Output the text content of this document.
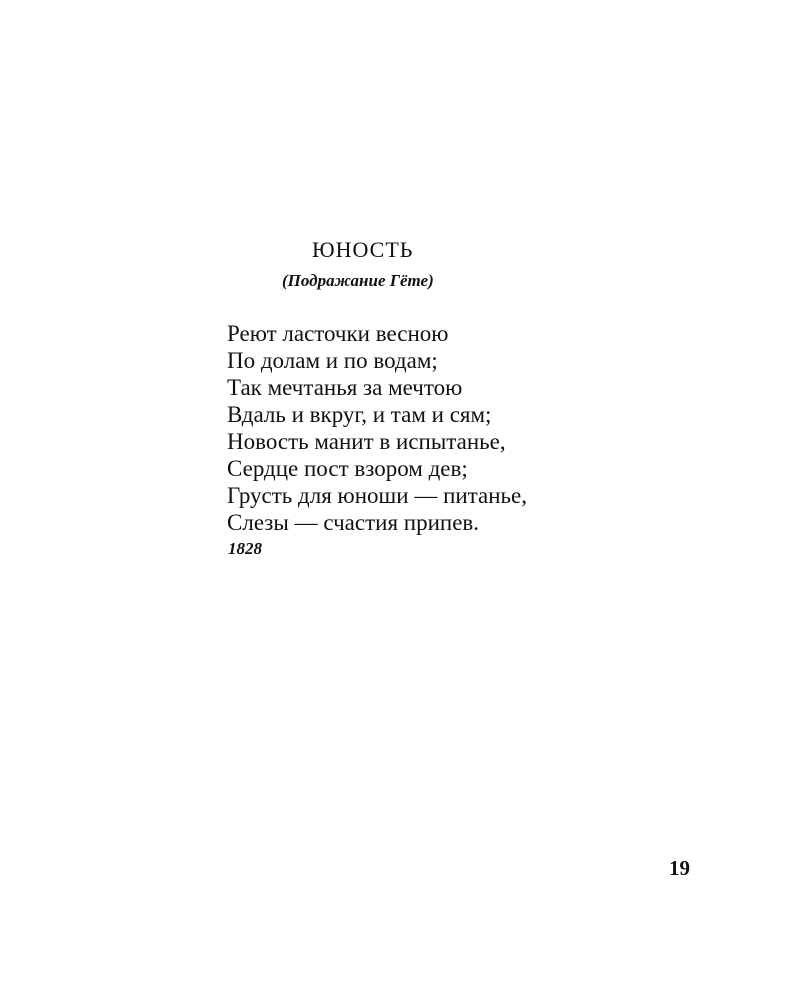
ЮНОСТЬ
(Подражание Гёте)
Реют ласточки весною
По долам и по водам;
Так мечтанья за мечтою
Вдаль и вкруг, и там и сям;
Новость манит в испытанье,
Сердце пост взором дев;
Грусть для юноши — питанье,
Слезы — счастия припев.
1828
19
